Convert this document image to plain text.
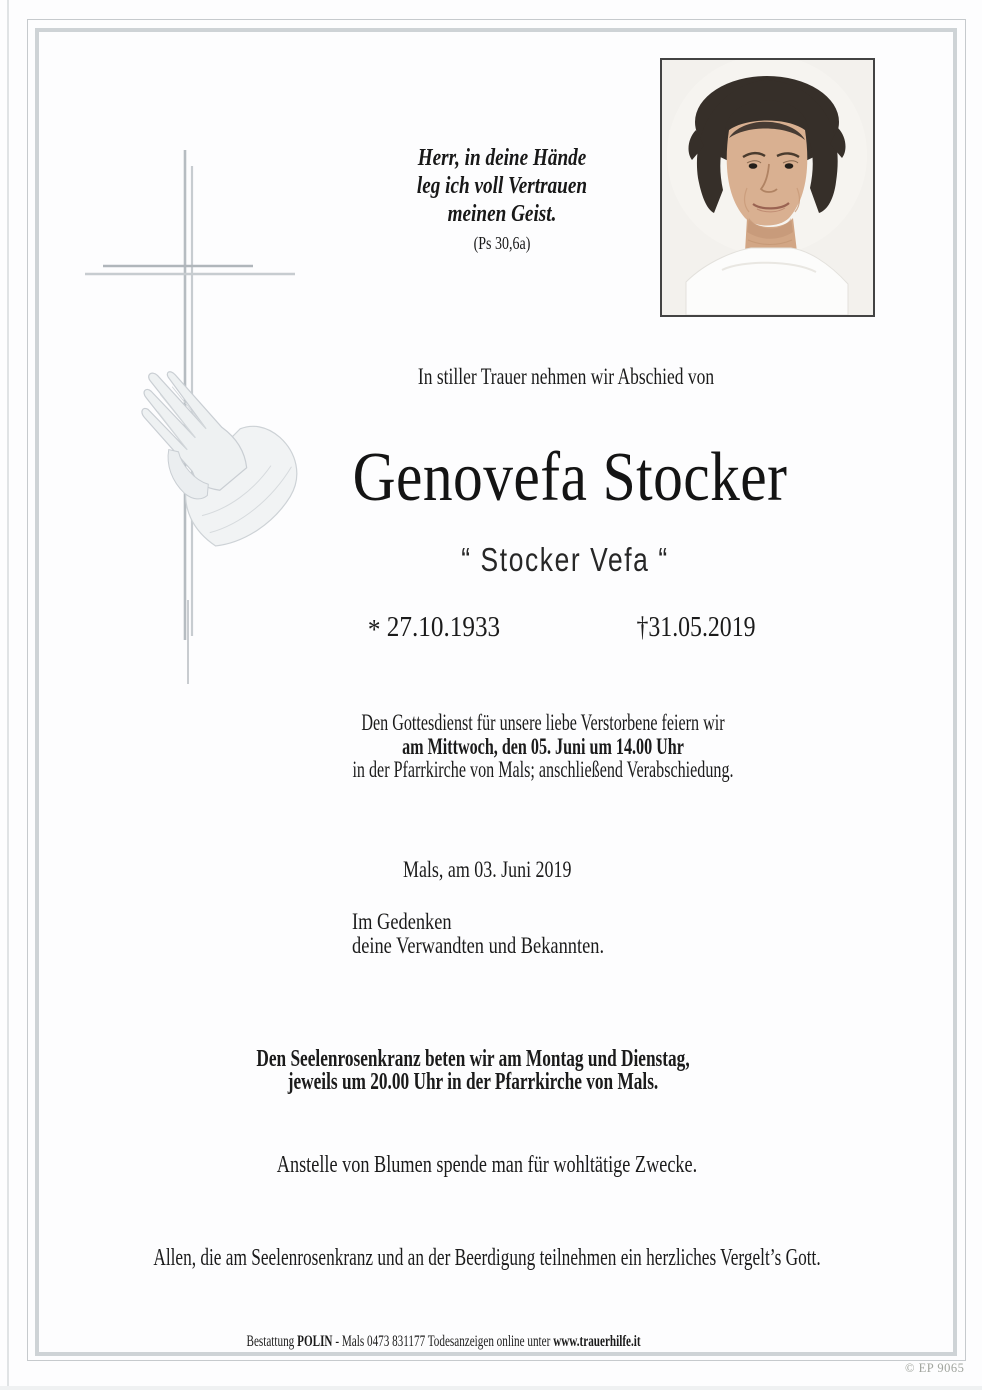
Herr, in deine Hände
leg ich voll Vertrauen
meinen Geist.
(Ps 30,6a)
In stiller Trauer nehmen wir Abschied von
Genovefa Stocker
“ Stocker Vefa “
* 27.10.1933	†31.05.2019
Den Gottesdienst für unsere liebe Verstorbene feiern wir
am Mittwoch, den 05. Juni um 14.00 Uhr
in der Pfarrkirche von Mals; anschließend Verabschiedung.
Mals, am 03. Juni 2019
Im Gedenken
deine Verwandten und Bekannten.
Den Seelenrosenkranz beten wir am Montag und Dienstag,
jeweils um 20.00 Uhr in der Pfarrkirche von Mals.
Anstelle von Blumen spende man für wohltätige Zwecke.
Allen, die am Seelenrosenkranz und an der Beerdigung teilnehmen ein herzliches Vergelt’s Gott.
Bestattung POLIN - Mals 0473 831177 Todesanzeigen online unter www.trauerhilfe.it
© EP 9065
